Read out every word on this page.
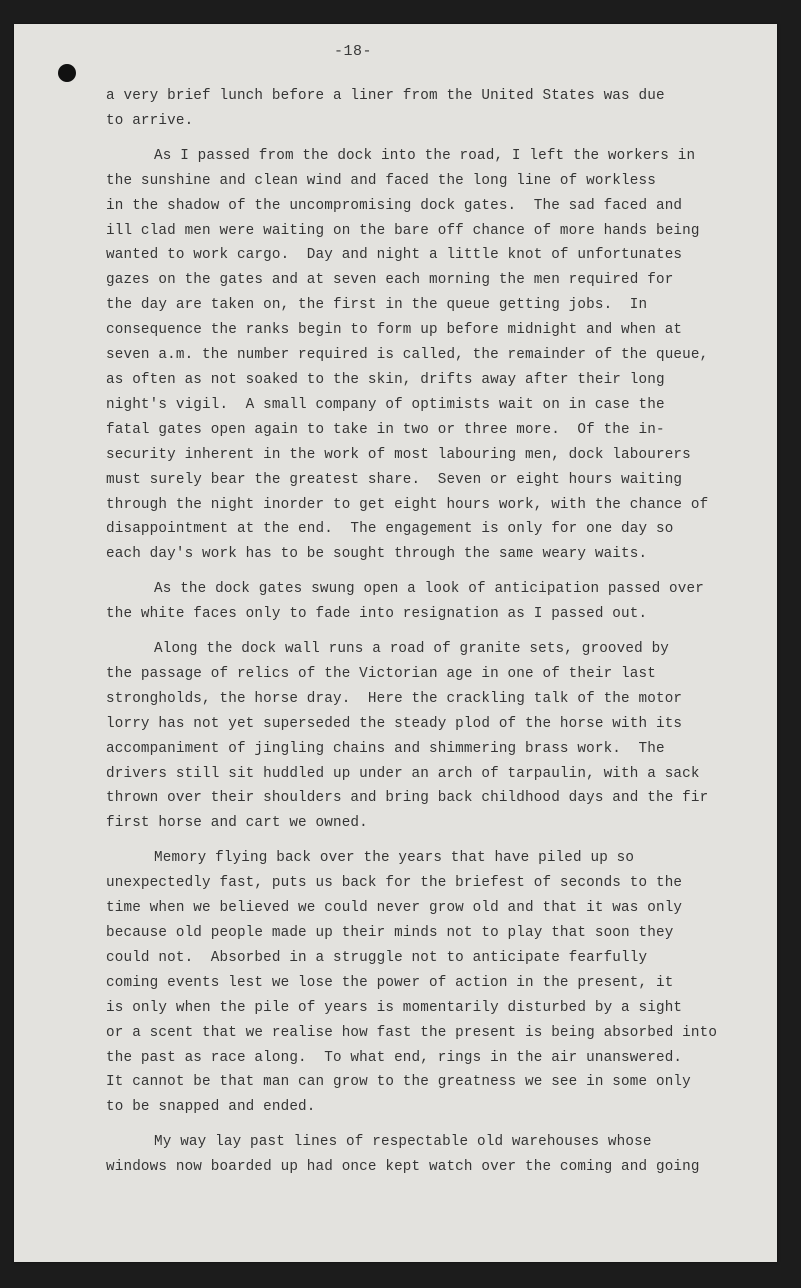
-18-
a very brief lunch before a liner from the United States was due
to arrive.
As I passed from the dock into the road, I left the workers in
the sunshine and clean wind and faced the long line of workless
in the shadow of the uncompromising dock gates.  The sad faced and
ill clad men were waiting on the bare off chance of more hands being
wanted to work cargo.  Day and night a little knot of unfortunates
gazes on the gates and at seven each morning the men required for
the day are taken on, the first in the queue getting jobs.  In
consequence the ranks begin to form up before midnight and when at
seven a.m. the number required is called, the remainder of the queue,
as often as not soaked to the skin, drifts away after their long
night's vigil.  A small company of optimists wait on in case the
fatal gates open again to take in two or three more.  Of the in-
security inherent in the work of most labouring men, dock labourers
must surely bear the greatest share.  Seven or eight hours waiting
through the night inorder to get eight hours work, with the chance of
disappointment at the end.  The engagement is only for one day so
each day's work has to be sought through the same weary waits.
As the dock gates swung open a look of anticipation passed over
the white faces only to fade into resignation as I passed out.
Along the dock wall runs a road of granite sets, grooved by
the passage of relics of the Victorian age in one of their last
strongholds, the horse dray.  Here the crackling talk of the motor
lorry has not yet superseded the steady plod of the horse with its
accompaniment of jingling chains and shimmering brass work.  The
drivers still sit huddled up under an arch of tarpaulin, with a sack
thrown over their shoulders and bring back childhood days and the fir
first horse and cart we owned.
Memory flying back over the years that have piled up so
unexpectedly fast, puts us back for the briefest of seconds to the
time when we believed we could never grow old and that it was only
because old people made up their minds not to play that soon they
could not.  Absorbed in a struggle not to anticipate fearfully
coming events lest we lose the power of action in the present, it
is only when the pile of years is momentarily disturbed by a sight
or a scent that we realise how fast the present is being absorbed into
the past as race along.  To what end, rings in the air unanswered.
It cannot be that man can grow to the greatness we see in some only
to be snapped and ended.
My way lay past lines of respectable old warehouses whose
windows now boarded up had once kept watch over the coming and going
